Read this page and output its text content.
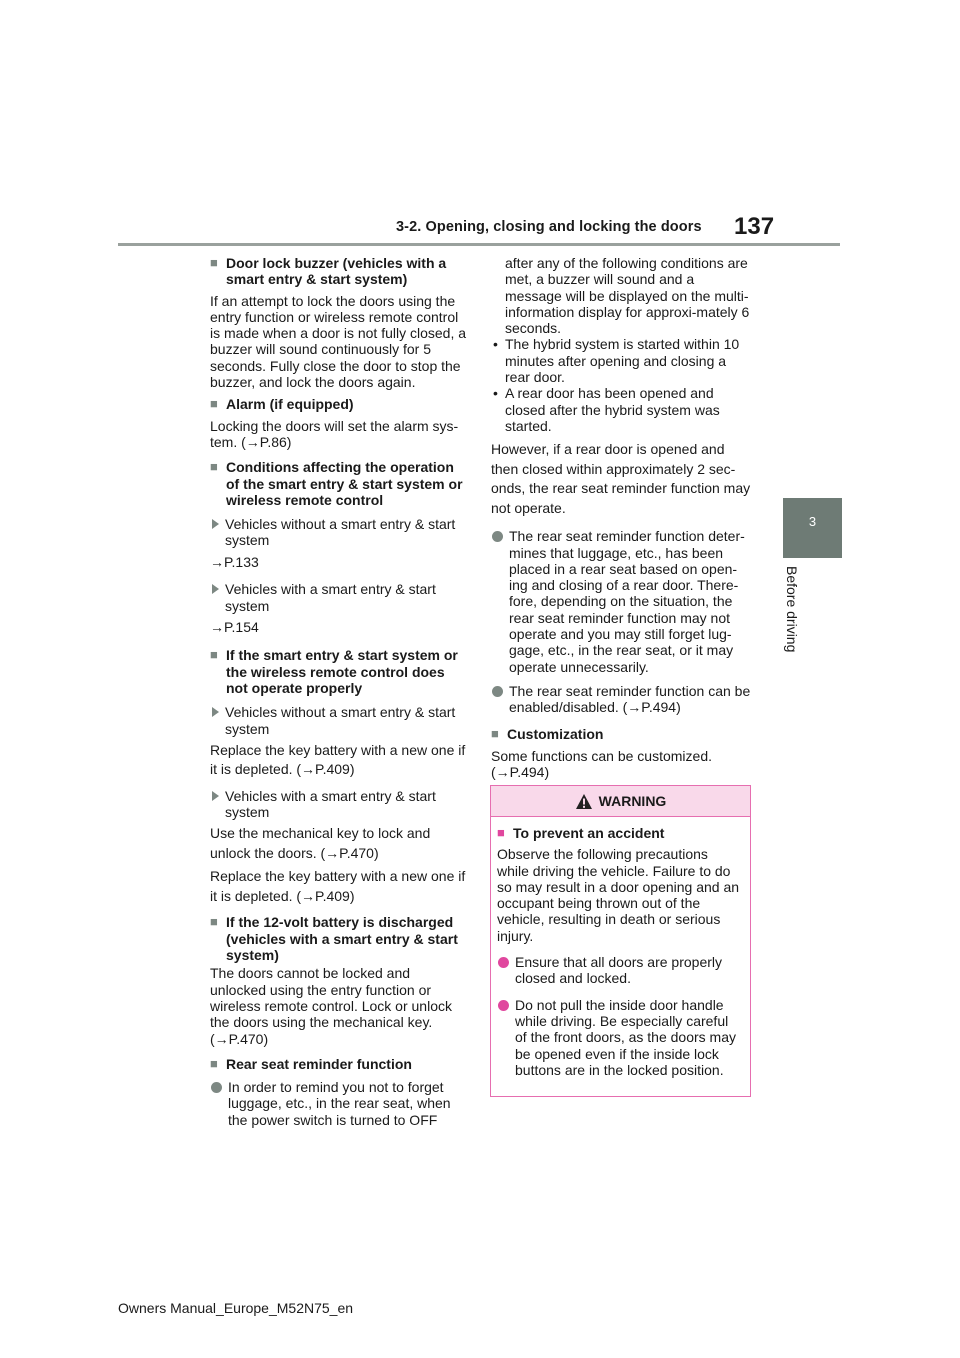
3-2. Opening, closing and locking the doors 137
3
Before driving
■ Door lock buzzer (vehicles with a smart entry & start system)
If an attempt to lock the doors using the entry function or wireless remote control is made when a door is not fully closed, a buzzer will sound continuously for 5 seconds. Fully close the door to stop the buzzer, and lock the doors again.
■ Alarm (if equipped)
Locking the doors will set the alarm sys-tem. (→P.86)
■ Conditions affecting the operation of the smart entry & start system or wireless remote control
Vehicles without a smart entry & start system
→P.133
Vehicles with a smart entry & start system
→P.154
■ If the smart entry & start system or the wireless remote control does not operate properly
Vehicles without a smart entry & start system
Replace the key battery with a new one if it is depleted. (→P.409)
Vehicles with a smart entry & start system
Use the mechanical key to lock and unlock the doors. (→P.470)
Replace the key battery with a new one if it is depleted. (→P.409)
■ If the 12-volt battery is discharged (vehicles with a smart entry & start system)
The doors cannot be locked and unlocked using the entry function or wireless remote control. Lock or unlock the doors using the mechanical key. (→P.470)
■ Rear seat reminder function
In order to remind you not to forget luggage, etc., in the rear seat, when the power switch is turned to OFF
after any of the following conditions are met, a buzzer will sound and a message will be displayed on the multi-information display for approxi-mately 6 seconds.
• The hybrid system is started within 10 minutes after opening and closing a rear door.
• A rear door has been opened and closed after the hybrid system was started.
However, if a rear door is opened and then closed within approximately 2 sec-onds, the rear seat reminder function may not operate.
The rear seat reminder function deter-mines that luggage, etc., has been placed in a rear seat based on open-ing and closing of a rear door. There-fore, depending on the situation, the rear seat reminder function may not operate and you may still forget lug-gage, etc., in the rear seat, or it may operate unnecessarily.
The rear seat reminder function can be enabled/disabled. (→P.494)
■ Customization
Some functions can be customized. (→P.494)
WARNING
■ To prevent an accident
Observe the following precautions while driving the vehicle. Failure to do so may result in a door opening and an occupant being thrown out of the vehicle, resulting in death or serious injury.
Ensure that all doors are properly closed and locked.
Do not pull the inside door handle while driving. Be especially careful of the front doors, as the doors may be opened even if the inside lock buttons are in the locked position.
Owners Manual_Europe_M52N75_en
